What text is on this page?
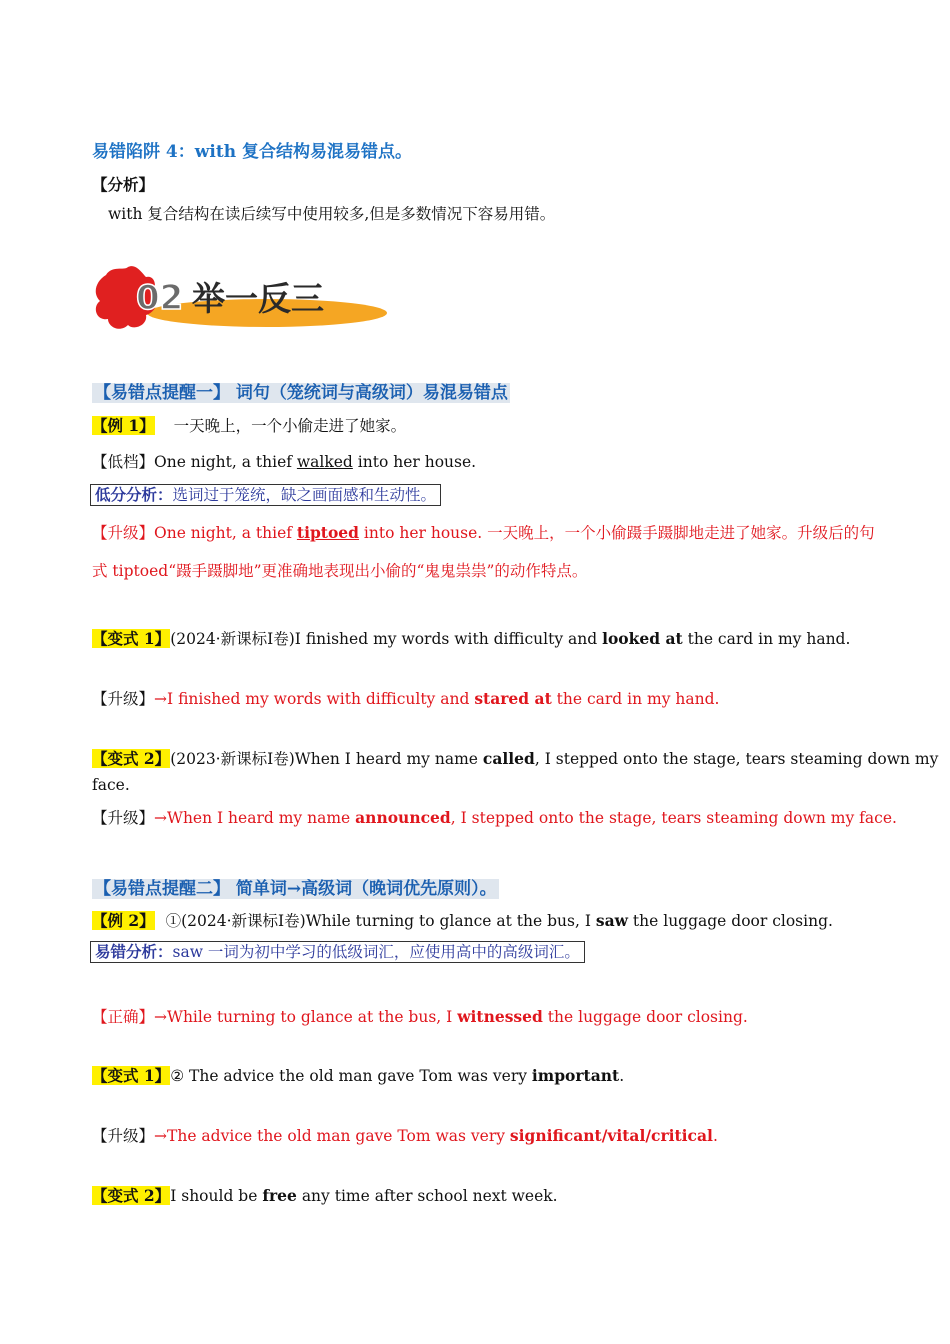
易错陷阱 4：with 复合结构易混易错点。
【分析】
with 复合结构在读后续写中使用较多,但是多数情况下容易用错。
02 举一反三
【易错点提醒一】 词句（笼统词与高级词）易混易错点
【例 1】 一天晚上，一个小偷走进了她家。
【低档】One night, a thief walked into her house.
低分分析：选词过于笼统，缺之画面感和生动性。
【升级】One night, a thief tiptoed into her house. 一天晚上，一个小偷蹑手蹑脚地走进了她家。升级后的句
式 tiptoed“蹑手蹑脚地”更准确地表现出小偷的“鬼鬼祟祟”的动作特点。
【变式 1】(2024·新课标Ⅰ卷)I finished my words with difficulty and looked at the card in my hand.
【升级】→I finished my words with difficulty and stared at the card in my hand.
【变式 2】(2023·新课标Ⅰ卷)When I heard my name called, I stepped onto the stage, tears steaming down my
face.
【升级】→When I heard my name announced, I stepped onto the stage, tears steaming down my face.
【易错点提醒二】 简单词→高级词（晚词优先原则）。
【例 2】 ①(2024·新课标Ⅰ卷)While turning to glance at the bus, I saw the luggage door closing.
易错分析：saw 一词为初中学习的低级词汇，应使用高中的高级词汇。
【正确】→While turning to glance at the bus, I witnessed the luggage door closing.
【变式 1】② The advice the old man gave Tom was very important.
【升级】→The advice the old man gave Tom was very significant/vital/critical.
【变式 2】I should be free any time after school next week.
